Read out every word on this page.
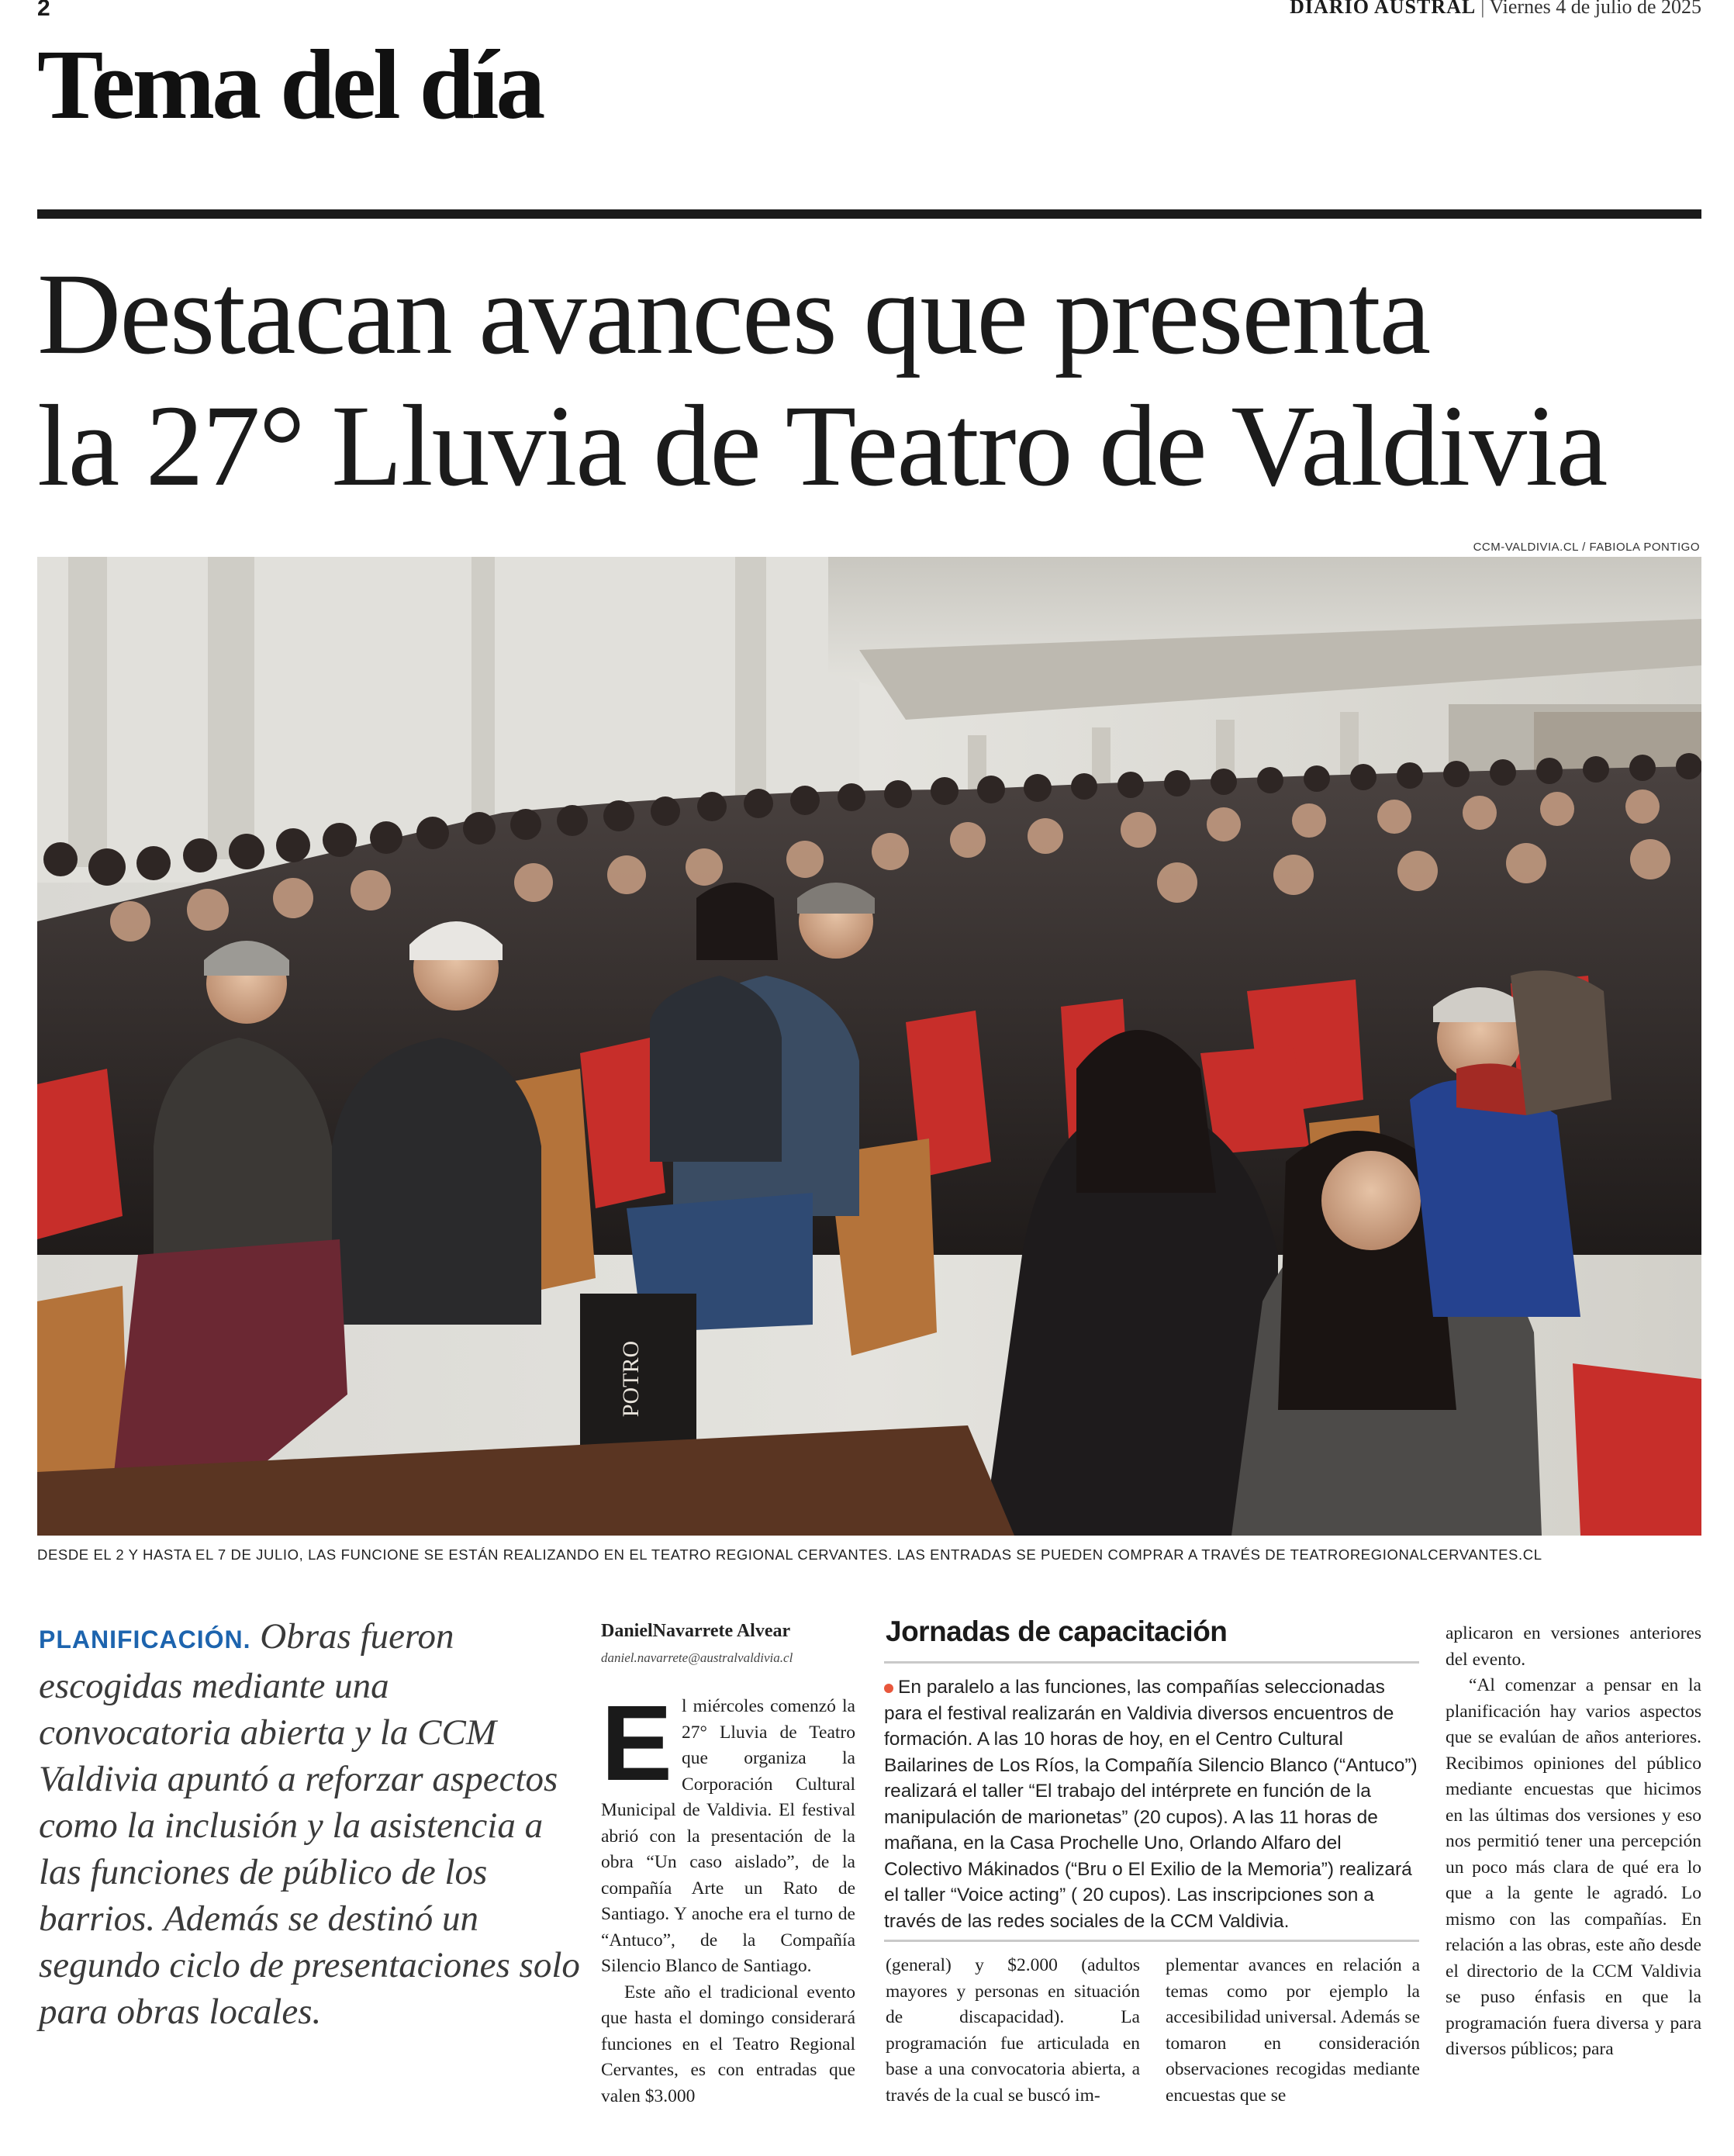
2	DIARIO AUSTRAL | Viernes 4 de julio de 2025
Tema del día
Destacan avances que presenta
la 27° Lluvia de Teatro de Valdivia
CCM-VALDIVIA.CL / FABIOLA PONTIGO
POTRO
DESDE EL 2 Y HASTA EL 7 DE JULIO, LAS FUNCIONE SE ESTÁN REALIZANDO EN EL TEATRO REGIONAL CERVANTES. LAS ENTRADAS SE PUEDEN COMPRAR A TRAVÉS DE TEATROREGIONALCERVANTES.CL
PLANIFICACIÓN. Obras fueron escogidas mediante una convocatoria abierta y la CCM Valdivia apuntó a reforzar aspectos como la inclusión y la asistencia a las funciones de público de los barrios. Además se destinó un segundo ciclo de presentaciones solo para obras locales.
DanielNavarrete Alvear
daniel.navarrete@australvaldivia.cl

El miércoles comenzó la 27° Lluvia de Teatro que organiza la Corporación Cultural Municipal de Valdivia. El festival abrió con la presentación de la obra “Un caso aislado”, de la compañía Arte un Rato de Santiago. Y anoche era el turno de “Antuco”, de la Compañía Silencio Blanco de Santiago.

Este año el tradicional evento que hasta el domingo considerará funciones en el Teatro Regional Cervantes, es con entradas que valen $3.000

Jornadas de capacitación
En paralelo a las funciones, las compañías seleccionadas para el festival realizarán en Valdivia diversos encuentros de formación. A las 10 horas de hoy, en el Centro Cultural Bailarines de Los Ríos, la Compañía Silencio Blanco (“Antuco”) realizará el taller “El trabajo del intérprete en función de la manipulación de marionetas” (20 cupos). A las 11 horas de mañana, en la Casa Prochelle Uno, Orlando Alfaro del Colectivo Mákinados (“Bru o El Exilio de la Memoria”) realizará el taller “Voice acting” ( 20 cupos). Las inscripciones son a través de las redes sociales de la CCM Valdivia.

(general) y $2.000 (adultos mayores y personas en situación de discapacidad). La programación fue articulada en base a una convocatoria abierta, a través de la cual se buscó im-

plementar avances en relación a temas como por ejemplo la accesibilidad universal. Además se tomaron en consideración observaciones recogidas mediante encuestas que se

aplicaron en versiones anteriores del evento.

“Al comenzar a pensar en la planificación hay varios aspectos que se evalúan de años anteriores. Recibimos opiniones del público mediante encuestas que hicimos en las últimas dos versiones y eso nos permitió tener una percepción un poco más clara de qué era lo que a la gente le agradó. Lo mismo con las compañías. En relación a las obras, este año desde el directorio de la CCM Valdivia se puso énfasis en que la programación fuera diversa y para diversos públicos; para
